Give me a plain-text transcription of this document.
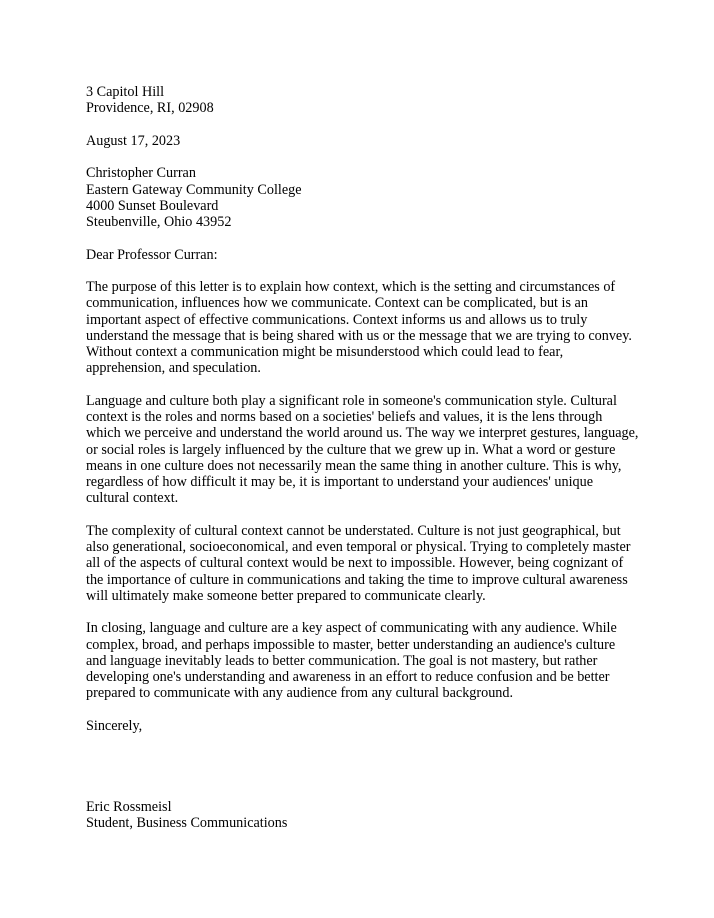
3 Capitol Hill
Providence, RI, 02908
August 17, 2023
Christopher Curran
Eastern Gateway Community College
4000 Sunset Boulevard
Steubenville, Ohio 43952
Dear Professor Curran:
The purpose of this letter is to explain how context, which is the setting and circumstances of
communication, influences how we communicate. Context can be complicated, but is an
important aspect of effective communications. Context informs us and allows us to truly
understand the message that is being shared with us or the message that we are trying to convey.
Without context a communication might be misunderstood which could lead to fear,
apprehension, and speculation.
Language and culture both play a significant role in someone's communication style. Cultural
context is the roles and norms based on a societies' beliefs and values, it is the lens through
which we perceive and understand the world around us. The way we interpret gestures, language,
or social roles is largely influenced by the culture that we grew up in. What a word or gesture
means in one culture does not necessarily mean the same thing in another culture. This is why,
regardless of how difficult it may be, it is important to understand your audiences' unique
cultural context.
The complexity of cultural context cannot be understated. Culture is not just geographical, but
also generational, socioeconomical, and even temporal or physical. Trying to completely master
all of the aspects of cultural context would be next to impossible. However, being cognizant of
the importance of culture in communications and taking the time to improve cultural awareness
will ultimately make someone better prepared to communicate clearly.
In closing, language and culture are a key aspect of communicating with any audience. While
complex, broad, and perhaps impossible to master, better understanding an audience's culture
and language inevitably leads to better communication. The goal is not mastery, but rather
developing one's understanding and awareness in an effort to reduce confusion and be better
prepared to communicate with any audience from any cultural background.
Sincerely,
Eric Rossmeisl
Student, Business Communications
